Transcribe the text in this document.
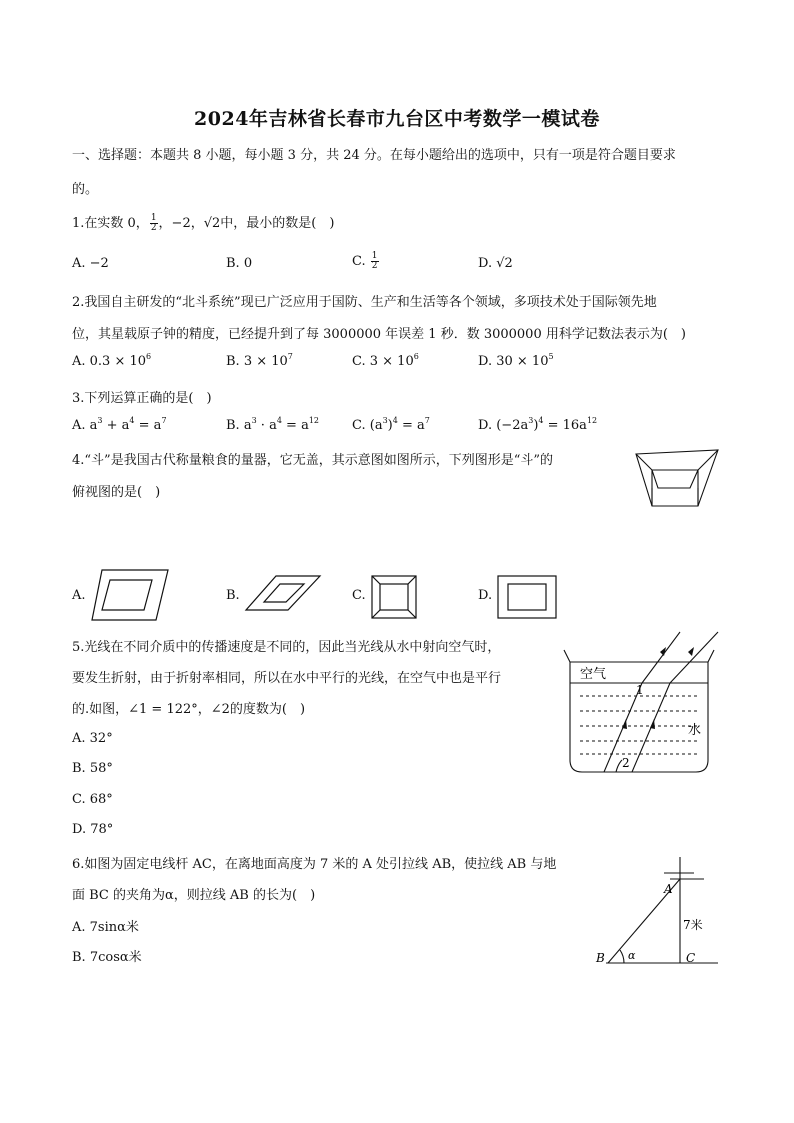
2024年吉林省长春市九台区中考数学一模试卷
一、选择题：本题共 8 小题，每小题 3 分，共 24 分。在每小题给出的选项中，只有一项是符合题目要求
的。
1.在实数 0， $\frac{1}{2}$ ，−2，√2中，最小的数是(　)
A. −2	B. 0	C. $\frac{1}{2}$	D. √2
2.我国自主研发的“北斗系统”现已广泛应用于国防、生产和生活等各个领域，多项技术处于国际领先地
位，其星载原子钟的精度，已经提升到了每 3000000 年误差 1 秒．数 3000000 用科学记数法表示为(　)
A. $0.3 \times 10^6$	B. $3 \times 10^7$	C. $3 \times 10^6$	D. $30 \times 10^5$
3.下列运算正确的是(　)
A. $a^3 + a^4 = a^7$	B. $a^3 \cdot a^4 = a^{12}$	C. $(a^3)^4 = a^7$	D. $(-2a^3)^4 = 16a^{12}$
4.“斗”是我国古代称量粮食的量器，它无盖，其示意图如图所示，下列图形是“斗”的
俯视图的是(　)
A.	B.	C.	D.
5.光线在不同介质中的传播速度是不同的，因此当光线从水中射向空气时，
要发生折射，由于折射率相同，所以在水中平行的光线，在空气中也是平行
的.如图，∠1 = 122°，∠2的度数为(　)
A. 32°
B. 58°
C. 68°
D. 78°
空气
水
1
2
6.如图为固定电线杆 AC，在离地面高度为 7 米的 A 处引拉线 AB，使拉线 AB 与地
面 BC 的夹角为α，则拉线 AB 的长为(　)
A. 7sinα米
B. 7cosα米
A
B	C
α
7米
